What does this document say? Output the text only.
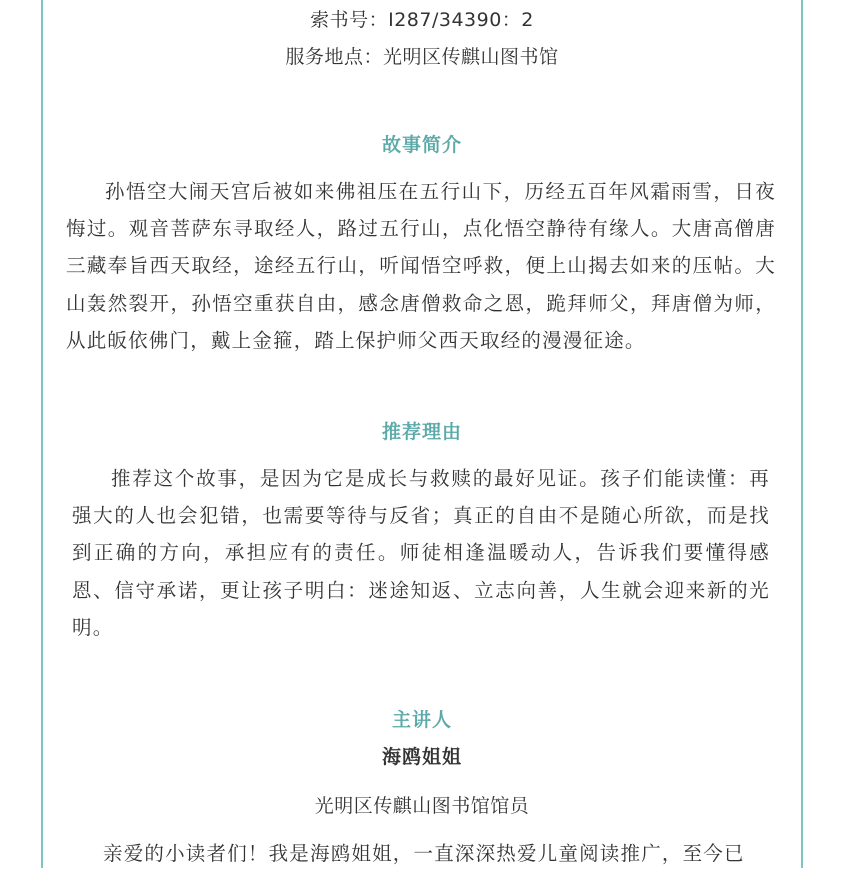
索书号：I287/34390：2
服务地点：光明区传麒山图书馆
故事简介
孙悟空大闹天宫后被如来佛祖压在五行山下，历经五百年风霜雨雪，日夜悔过。观音菩萨东寻取经人，路过五行山，点化悟空静待有缘人。大唐高僧唐三藏奉旨西天取经，途经五行山，听闻悟空呼救，便上山揭去如来的压帖。大山轰然裂开，孙悟空重获自由，感念唐僧救命之恩，跪拜师父，拜唐僧为师，从此皈依佛门，戴上金箍，踏上保护师父西天取经的漫漫征途。
推荐理由
推荐这个故事，是因为它是成长与救赎的最好见证。孩子们能读懂：再强大的人也会犯错，也需要等待与反省；真正的自由不是随心所欲，而是找到正确的方向，承担应有的责任。师徒相逢温暖动人，告诉我们要懂得感恩、信守承诺，更让孩子明白：迷途知返、立志向善，人生就会迎来新的光明。
主讲人
海鸥姐姐
光明区传麒山图书馆馆员
亲爱的小读者们！我是海鸥姐姐，一直深深热爱儿童阅读推广，至今已
